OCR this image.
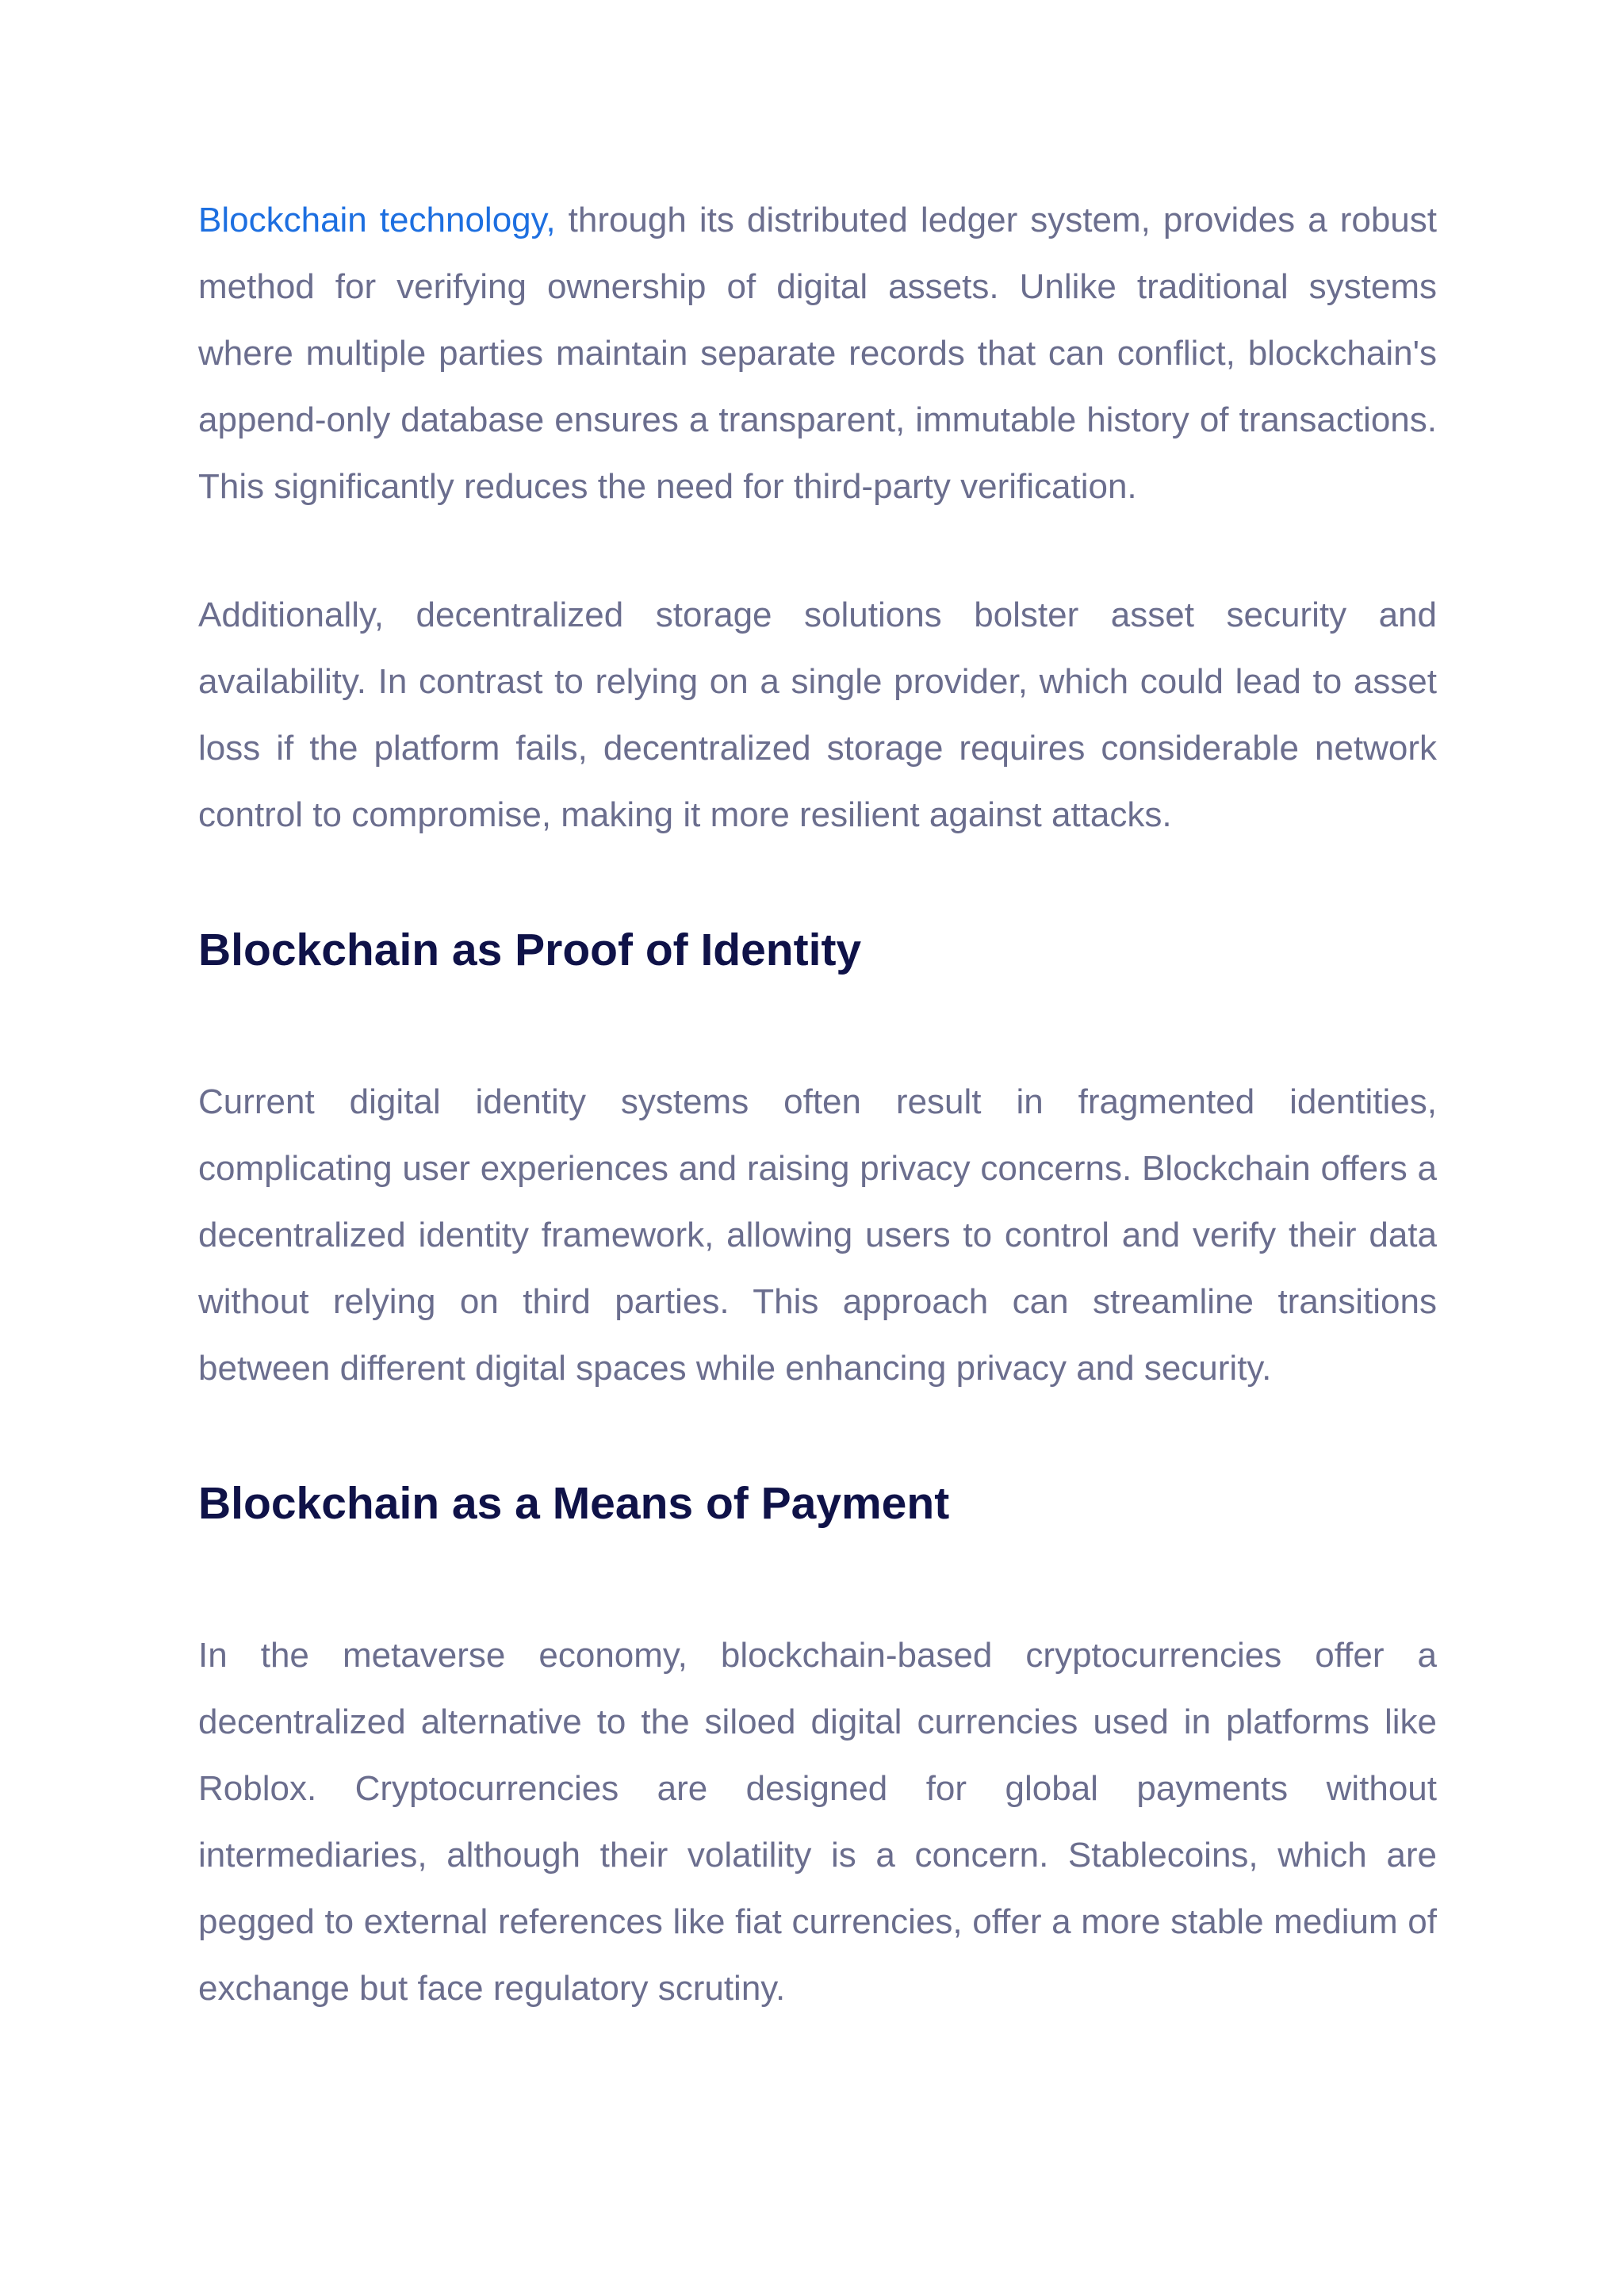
Blockchain technology, through its distributed ledger system, provides a robust method for verifying ownership of digital assets. Unlike traditional systems where multiple parties maintain separate records that can conflict, blockchain's append-only database ensures a transparent, immutable history of transactions. This significantly reduces the need for third-party verification.

Additionally, decentralized storage solutions bolster asset security and availability. In contrast to relying on a single provider, which could lead to asset loss if the platform fails, decentralized storage requires considerable network control to compromise, making it more resilient against attacks.

Blockchain as Proof of Identity

Current digital identity systems often result in fragmented identities, complicating user experiences and raising privacy concerns. Blockchain offers a decentralized identity framework, allowing users to control and verify their data without relying on third parties. This approach can streamline transitions between different digital spaces while enhancing privacy and security.

Blockchain as a Means of Payment

In the metaverse economy, blockchain-based cryptocurrencies offer a decentralized alternative to the siloed digital currencies used in platforms like Roblox. Cryptocurrencies are designed for global payments without intermediaries, although their volatility is a concern. Stablecoins, which are pegged to external references like fiat currencies, offer a more stable medium of exchange but face regulatory scrutiny.
